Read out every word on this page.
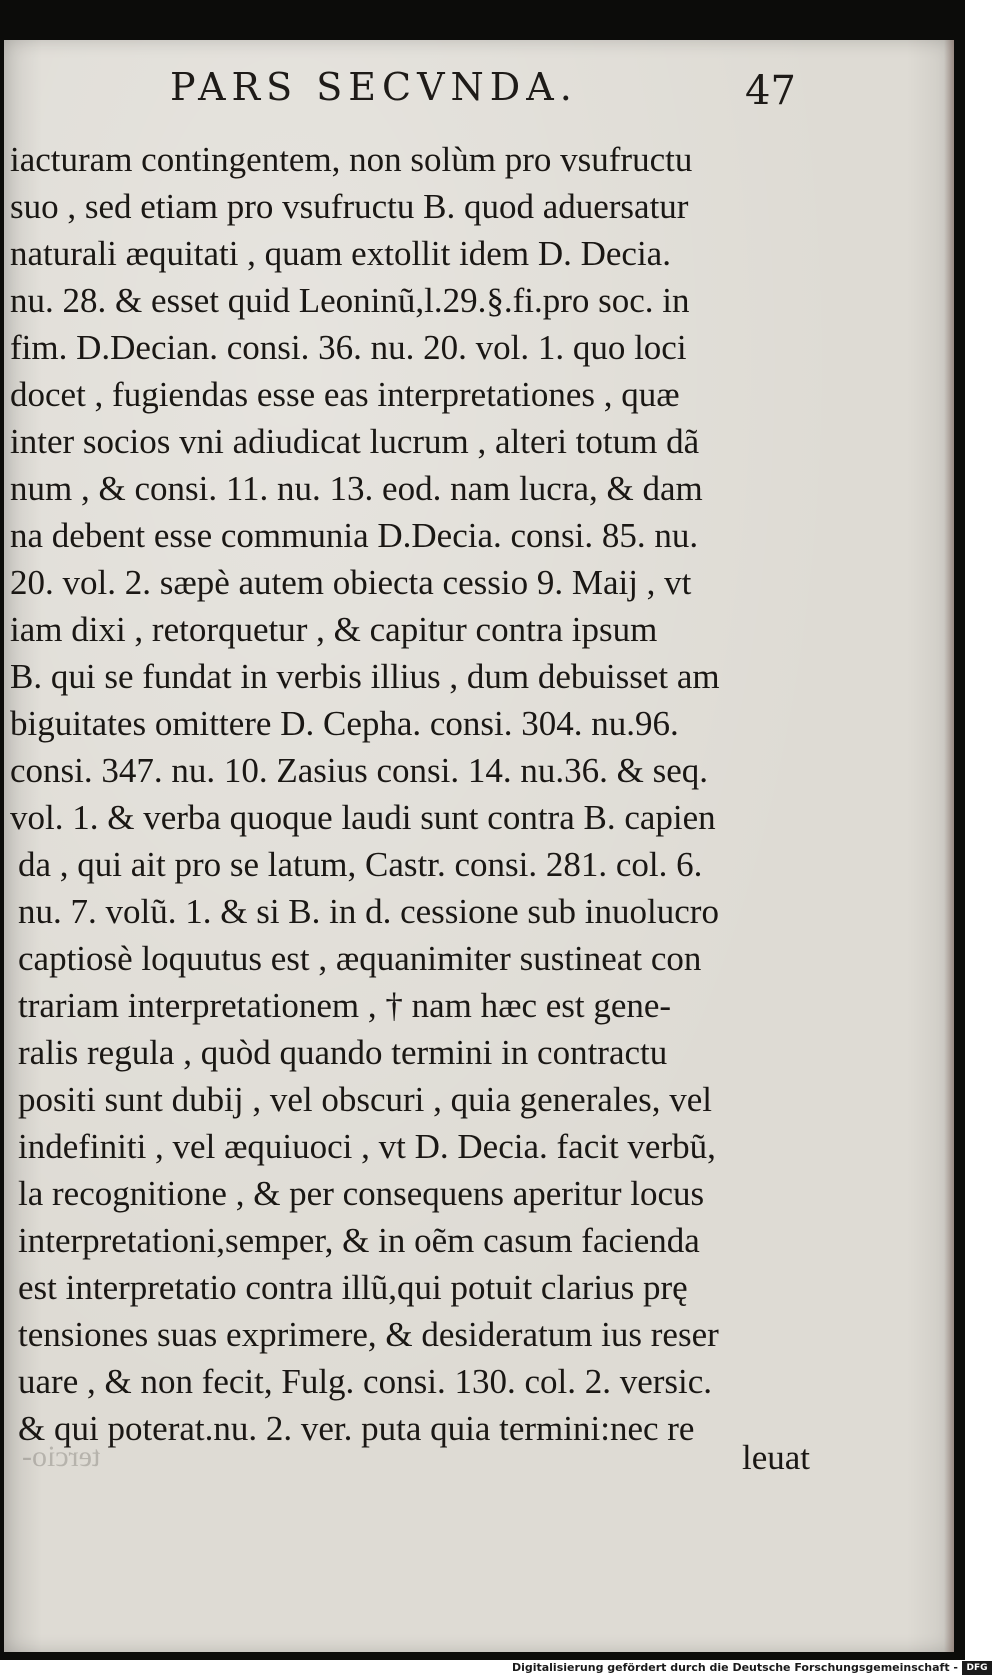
PARS SECVNDA.	47
iacturam contingentem, non solùm pro vsufructu
suo , sed etiam pro vsufructu B. quod aduersatur
naturali æquitati , quam extollit idem D. Decia.
nu. 28. & esset quid Leoninũ,l.29.§.fi.pro soc. in
fim. D.Decian. consi. 36. nu. 20. vol. 1. quo loci
docet , fugiendas esse eas interpretationes , quæ
inter socios vni adiudicat lucrum , alteri totum dã
num , & consi. 11. nu. 13. eod. nam lucra, & dam
na debent esse communia D.Decia. consi. 85. nu.
20. vol. 2. sæpè autem obiecta cessio 9. Maij , vt
iam dixi , retorquetur , & capitur contra ipsum
B. qui se fundat in verbis illius , dum debuisset am
biguitates omittere D. Cepha. consi. 304. nu.96.
consi. 347. nu. 10. Zasius consi. 14. nu.36. & seq.
vol. 1. & verba quoque laudi sunt contra B. capien
da , qui ait pro se latum, Castr. consi. 281. col. 6.
nu. 7. volũ. 1. & si B. in d. cessione sub inuolucro
captiosè loquutus est , æquanimiter sustineat con
trariam interpretationem , † nam hæc est gene-
ralis regula , quòd quando termini in contractu
positi sunt dubij , vel obscuri , quia generales, vel
indefiniti , vel æquiuoci , vt D. Decia. facit verbũ,
la recognitione , & per consequens aperitur locus
interpretationi,semper, & in oẽm casum facienda
est interpretatio contra illũ,qui potuit clarius prę
tensiones suas exprimere, & desideratum ius reser
uare , & non fecit, Fulg. consi. 130. col. 2. versic.
& qui poterat.nu. 2. ver. puta quia termini:nec re
tercio-	leuat
Digitalisierung gefördert durch die Deutsche Forschungsgemeinschaft - DFG
